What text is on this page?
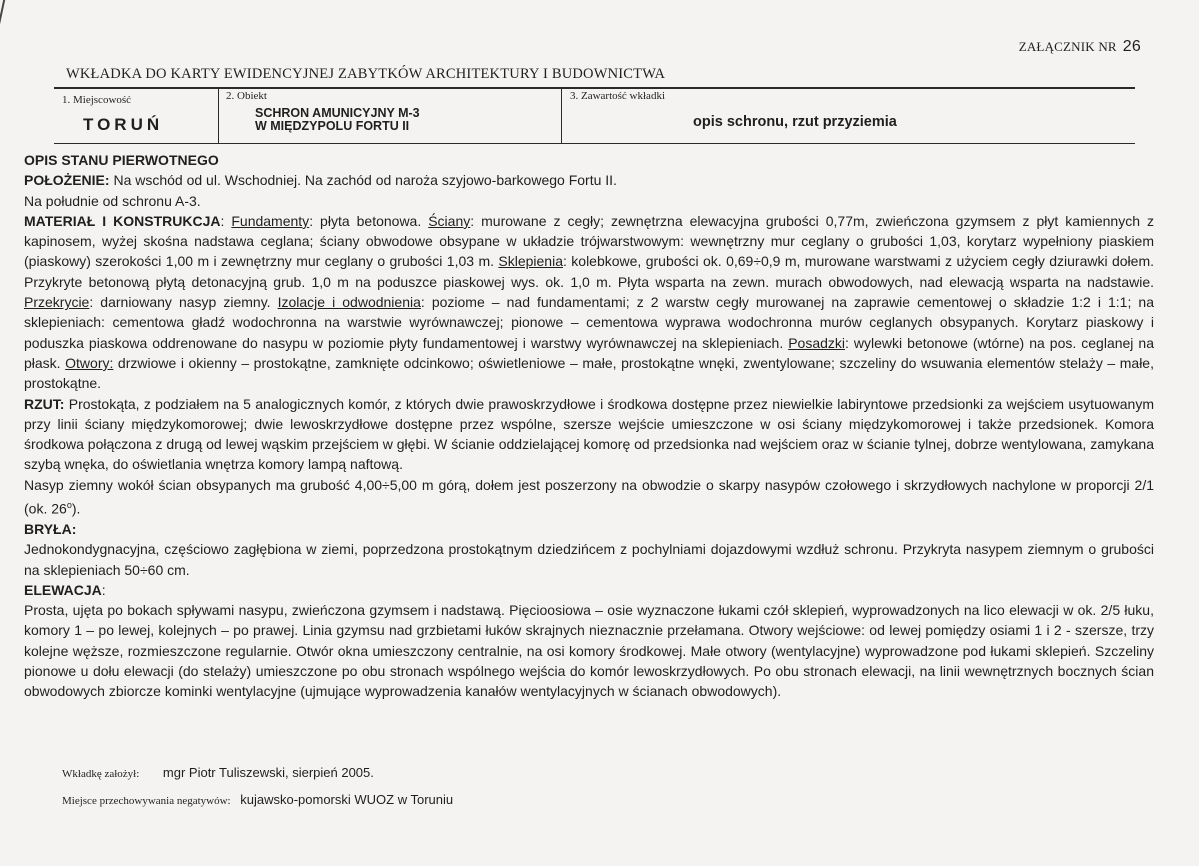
ZAŁĄCZNIK NR 26
WKŁADKA DO KARTY EWIDENCYJNEJ ZABYTKÓW ARCHITEKTURY I BUDOWNICTWA
1. Miejscowość
TORUŃ
2. Obiekt
SCHRON AMUNICYJNY M-3
W MIĘDZYPOLU FORTU II
3. Zawartość wkładki
opis schronu, rzut przyziemia

OPIS STANU PIERWOTNEGO

POŁOŻENIE: Na wschód od ul. Wschodniej. Na zachód od naroża szyjowo-barkowego Fortu II.

Na południe od schronu A-3.

MATERIAŁ I KONSTRUKCJA: Fundamenty: płyta betonowa. Ściany: murowane z cegły; zewnętrzna elewacyjna grubości 0,77m, zwieńczona gzymsem z płyt kamiennych z kapinosem, wyżej skośna nadstawa ceglana; ściany obwodowe obsypane w układzie trójwarstwowym: wewnętrzny mur ceglany o grubości 1,03, korytarz wypełniony piaskiem (piaskowy) szerokości 1,00 m i zewnętrzny mur ceglany o grubości 1,03 m. Sklepienia: kolebkowe, grubości ok. 0,69÷0,9 m, murowane warstwami z użyciem cegły dziurawki dołem. Przykryte betonową płytą detonacyjną grub. 1,0 m na poduszce piaskowej wys. ok. 1,0 m. Płyta wsparta na zewn. murach obwodowych, nad elewacją wsparta na nadstawie. Przekrycie: darniowany nasyp ziemny. Izolacje i odwodnienia: poziome – nad fundamentami; z 2 warstw cegły murowanej na zaprawie cementowej o składzie 1:2 i 1:1; na sklepieniach: cementowa gładź wodochronna na warstwie wyrównawczej; pionowe – cementowa wyprawa wodochronna murów ceglanych obsypanych. Korytarz piaskowy i poduszka piaskowa oddrenowane do nasypu w poziomie płyty fundamentowej i warstwy wyrównawczej na sklepieniach. Posadzki: wylewki betonowe (wtórne) na pos. ceglanej na płask. Otwory: drzwiowe i okienny – prostokątne, zamknięte odcinkowo; oświetleniowe – małe, prostokątne wnęki, zwentylowane; szczeliny do wsuwania elementów stelaży – małe, prostokątne.

RZUT: Prostokąta, z podziałem na 5 analogicznych komór, z których dwie prawoskrzydłowe i środkowa dostępne przez niewielkie labiryntowe przedsionki za wejściem usytuowanym przy linii ściany międzykomorowej; dwie lewoskrzydłowe dostępne przez wspólne, szersze wejście umieszczone w osi ściany międzykomorowej i także przedsionek. Komora środkowa połączona z drugą od lewej wąskim przejściem w głębi. W ścianie oddzielającej komorę od przedsionka nad wejściem oraz w ścianie tylnej, dobrze wentylowana, zamykana szybą wnęka, do oświetlania wnętrza komory lampą naftową.

Nasyp ziemny wokół ścian obsypanych ma grubość 4,00÷5,00 m górą, dołem jest poszerzony na obwodzie o skarpy nasypów czołowego i skrzydłowych nachylone w proporcji 2/1 (ok. 26$^o$).

BRYŁA:

Jednokondygnacyjna, częściowo zagłębiona w ziemi, poprzedzona prostokątnym dziedzińcem z pochylniami dojazdowymi wzdłuż schronu. Przykryta nasypem ziemnym o grubości na sklepieniach 50÷60 cm.

ELEWACJA:

Prosta, ujęta po bokach spływami nasypu, zwieńczona gzymsem i nadstawą. Pięcioosiowa – osie wyznaczone łukami czół sklepień, wyprowadzonych na lico elewacji w ok. 2/5 łuku, komory 1 – po lewej, kolejnych – po prawej. Linia gzymsu nad grzbietami łuków skrajnych nieznacznie przełamana. Otwory wejściowe: od lewej pomiędzy osiami 1 i 2 - szersze, trzy kolejne węższe, rozmieszczone regularnie. Otwór okna umieszczony centralnie, na osi komory środkowej. Małe otwory (wentylacyjne) wyprowadzone pod łukami sklepień. Szczeliny pionowe u dołu elewacji (do stelaży) umieszczone po obu stronach wspólnego wejścia do komór lewoskrzydłowych. Po obu stronach elewacji, na linii wewnętrznych bocznych ścian obwodowych zbiorcze kominki wentylacyjne (ujmujące wyprowadzenia kanałów wentylacyjnych w ścianach obwodowych).

Wkładkę założył: mgr Piotr Tuliszewski, sierpień 2005.
Miejsce przechowywania negatywów: kujawsko-pomorski WUOZ w Toruniu
